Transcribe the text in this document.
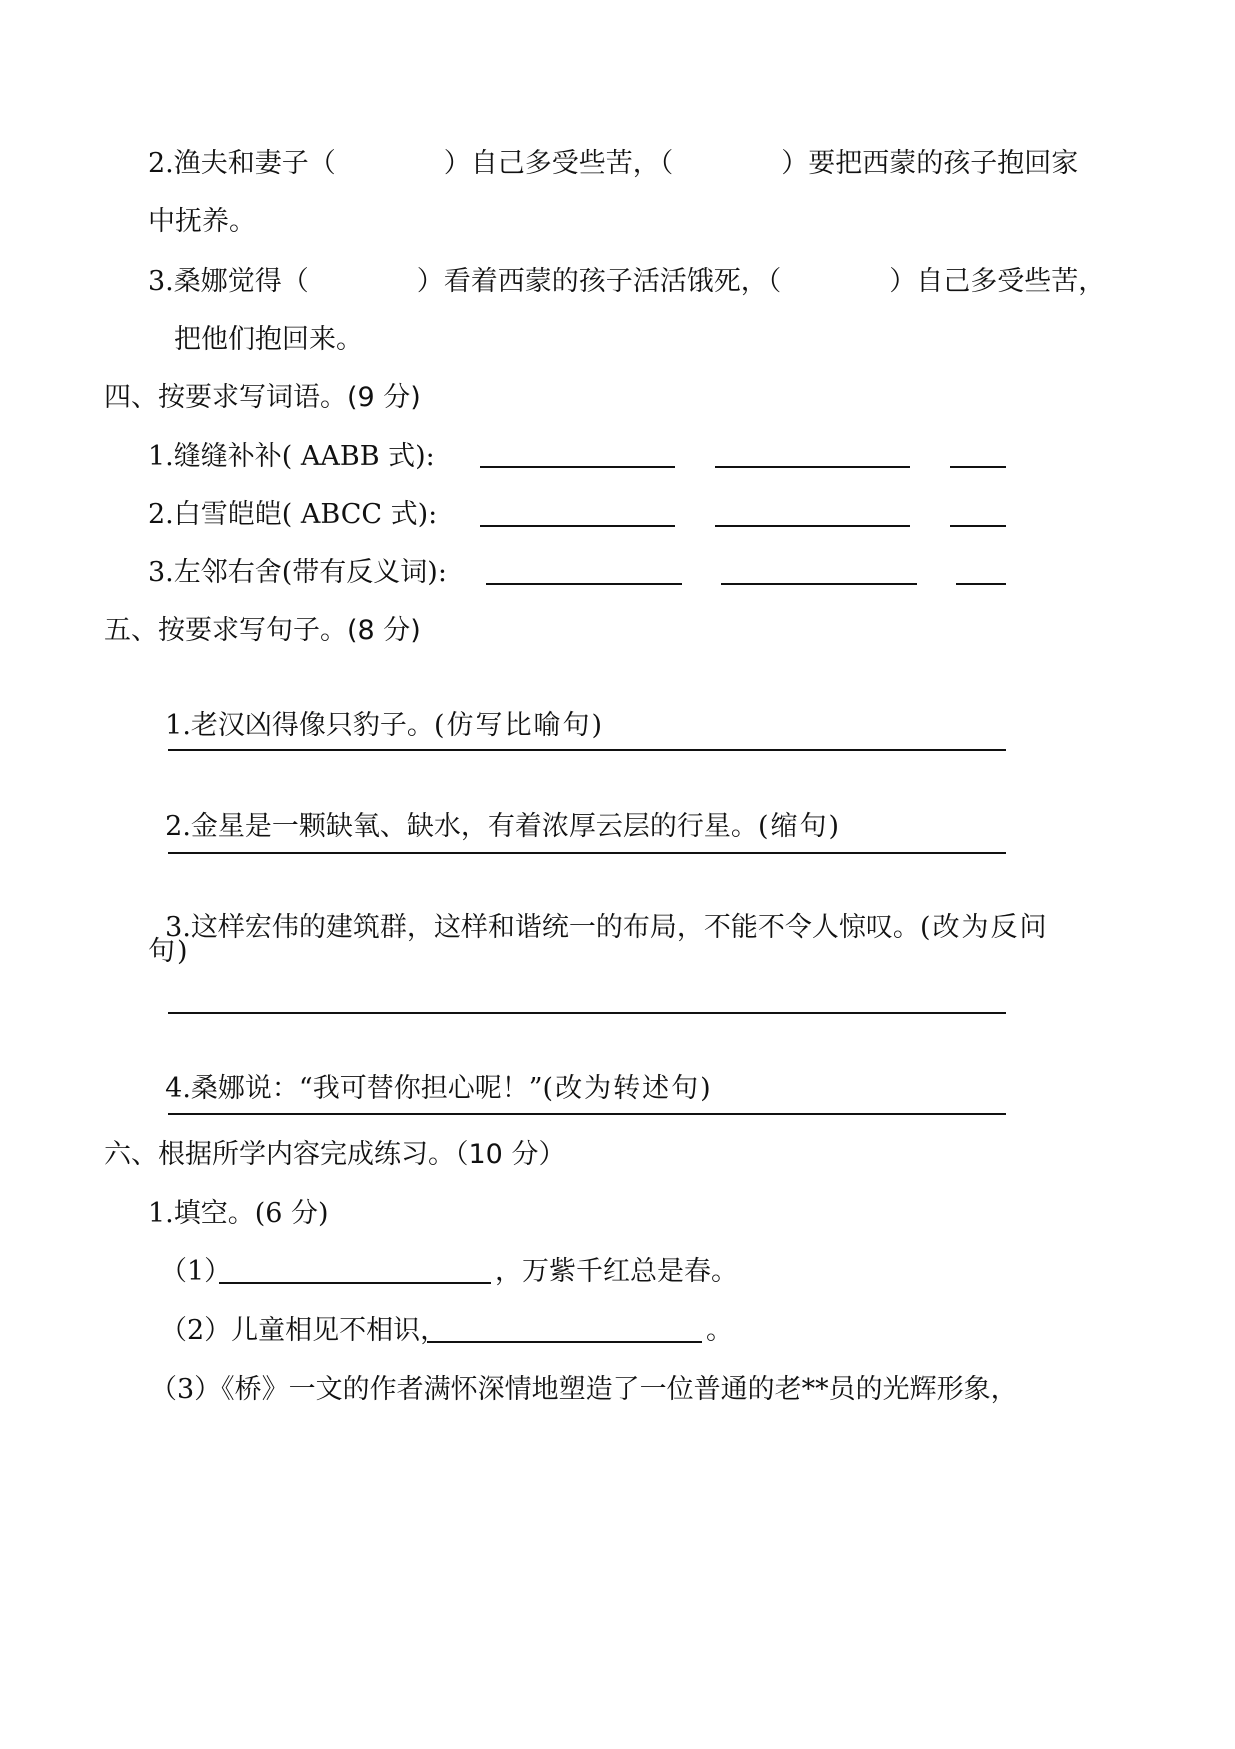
2.渔夫和妻子（　　　　）自己多受些苦，（　　　　）要把西蒙的孩子抱回家
中抚养。
3.桑娜觉得（　　　　）看着西蒙的孩子活活饿死，（　　　　）自己多受些苦，
把他们抱回来。
四、按要求写词语。(9 分)
1.缝缝补补( AABB 式):
2.白雪皑皑( ABCC 式):
3.左邻右舍(带有反义词):
五、按要求写句子。(8 分)

1.老汉凶得像只豹子。(仿写比喻句)

2.金星是一颗缺氧、缺水，有着浓厚云层的行星。(缩句)

3.这样宏伟的建筑群，这样和谐统一的布局，不能不令人惊叹。(改为反问

句)

4.桑娜说：“我可替你担心呢！”(改为转述句)

六、根据所学内容完成练习。（10 分）
1.填空。(6 分)
（1）	，万紫千红总是春。
（2）儿童相见不相识，	。
（3）《桥》一文的作者满怀深情地塑造了一位普通的老**员的光辉形象，
